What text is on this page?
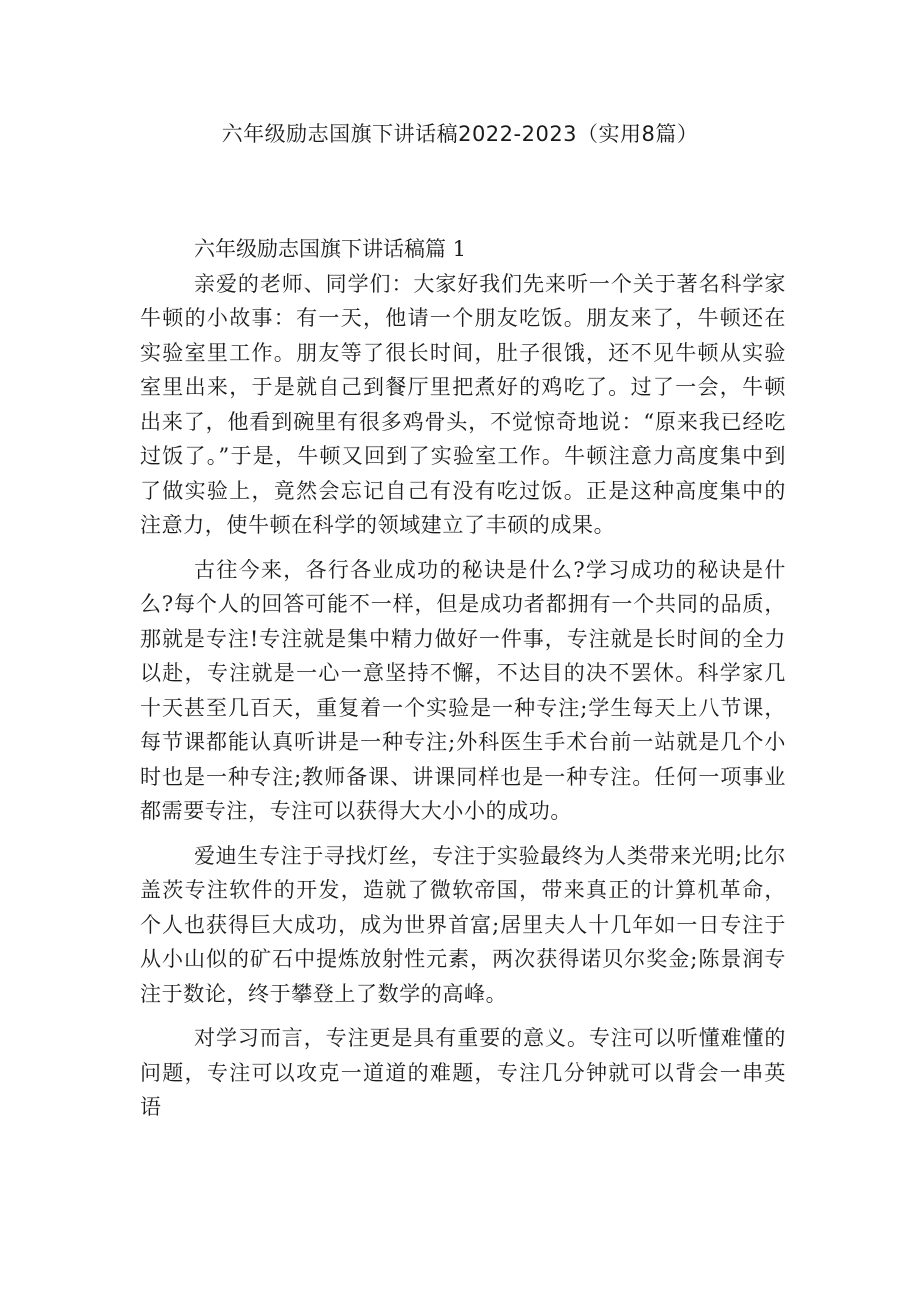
六年级励志国旗下讲话稿2022-2023（实用8篇）

六年级励志国旗下讲话稿篇 1

亲爱的老师、同学们：大家好我们先来听一个关于著名科学家牛顿的小故事：有一天，他请一个朋友吃饭。朋友来了，牛顿还在实验室里工作。朋友等了很长时间，肚子很饿，还不见牛顿从实验室里出来，于是就自己到餐厅里把煮好的鸡吃了。过了一会，牛顿出来了，他看到碗里有很多鸡骨头，不觉惊奇地说：“原来我已经吃过饭了。”于是，牛顿又回到了实验室工作。牛顿注意力高度集中到了做实验上，竟然会忘记自己有没有吃过饭。正是这种高度集中的注意力，使牛顿在科学的领域建立了丰硕的成果。

古往今来，各行各业成功的秘诀是什么?学习成功的秘诀是什么?每个人的回答可能不一样，但是成功者都拥有一个共同的品质，那就是专注!专注就是集中精力做好一件事，专注就是长时间的全力以赴，专注就是一心一意坚持不懈，不达目的决不罢休。科学家几十天甚至几百天，重复着一个实验是一种专注;学生每天上八节课，每节课都能认真听讲是一种专注;外科医生手术台前一站就是几个小时也是一种专注;教师备课、讲课同样也是一种专注。任何一项事业都需要专注，专注可以获得大大小小的成功。

爱迪生专注于寻找灯丝，专注于实验最终为人类带来光明;比尔盖茨专注软件的开发，造就了微软帝国，带来真正的计算机革命，个人也获得巨大成功，成为世界首富;居里夫人十几年如一日专注于从小山似的矿石中提炼放射性元素，两次获得诺贝尔奖金;陈景润专注于数论，终于攀登上了数学的高峰。

对学习而言，专注更是具有重要的意义。专注可以听懂难懂的问题，专注可以攻克一道道的难题，专注几分钟就可以背会一串英语
